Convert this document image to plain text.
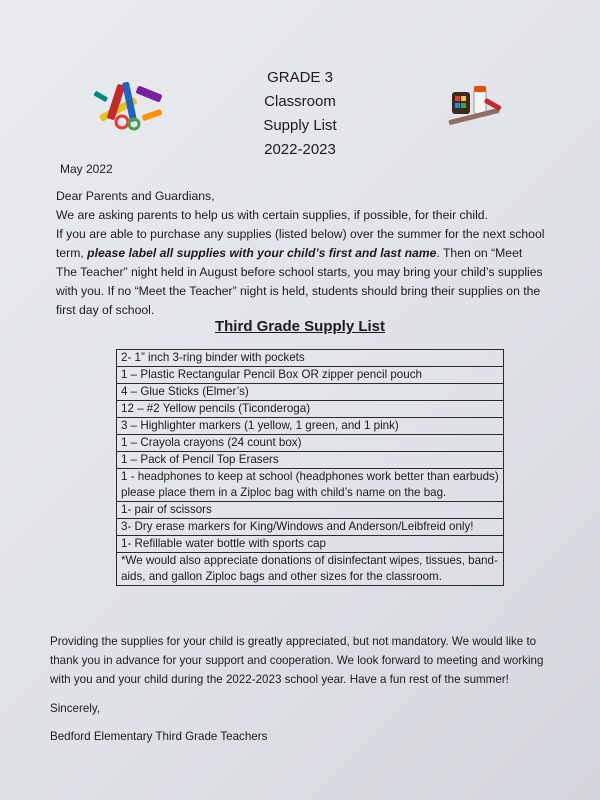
GRADE 3
Classroom
Supply List
2022-2023
May 2022

Dear Parents and Guardians,

We are asking parents to help us with certain supplies, if possible, for their child.

If you are able to purchase any supplies (listed below) over the summer for the next school term, please label all supplies with your child’s first and last name. Then on “Meet The Teacher” night held in August before school starts, you may bring your child’s supplies with you. If no “Meet the Teacher” night is held, students should bring their supplies on the first day of school.

Third Grade Supply List
2- 1” inch 3-ring binder with pockets
1 – Plastic Rectangular Pencil Box OR zipper pencil pouch
4 – Glue Sticks (Elmer’s)
12 – #2 Yellow pencils (Ticonderoga)
3 – Highlighter markers (1 yellow, 1 green, and 1 pink)
1 – Crayola crayons (24 count box)
1 – Pack of Pencil Top Erasers
1 - headphones to keep at school (headphones work better than earbuds) please place them in a Ziploc bag with child’s name on the bag.
1- pair of scissors
3- Dry erase markers for King/Windows and Anderson/Leibfreid only!
1- Refillable water bottle with sports cap
*We would also appreciate donations of disinfectant wipes, tissues, band-aids, and gallon Ziploc bags and other sizes for the classroom.
Providing the supplies for your child is greatly appreciated, but not mandatory. We would like to thank you in advance for your support and cooperation. We look forward to meeting and working with you and your child during the 2022-2023 school year. Have a fun rest of the summer!
Sincerely,
Bedford Elementary Third Grade Teachers
